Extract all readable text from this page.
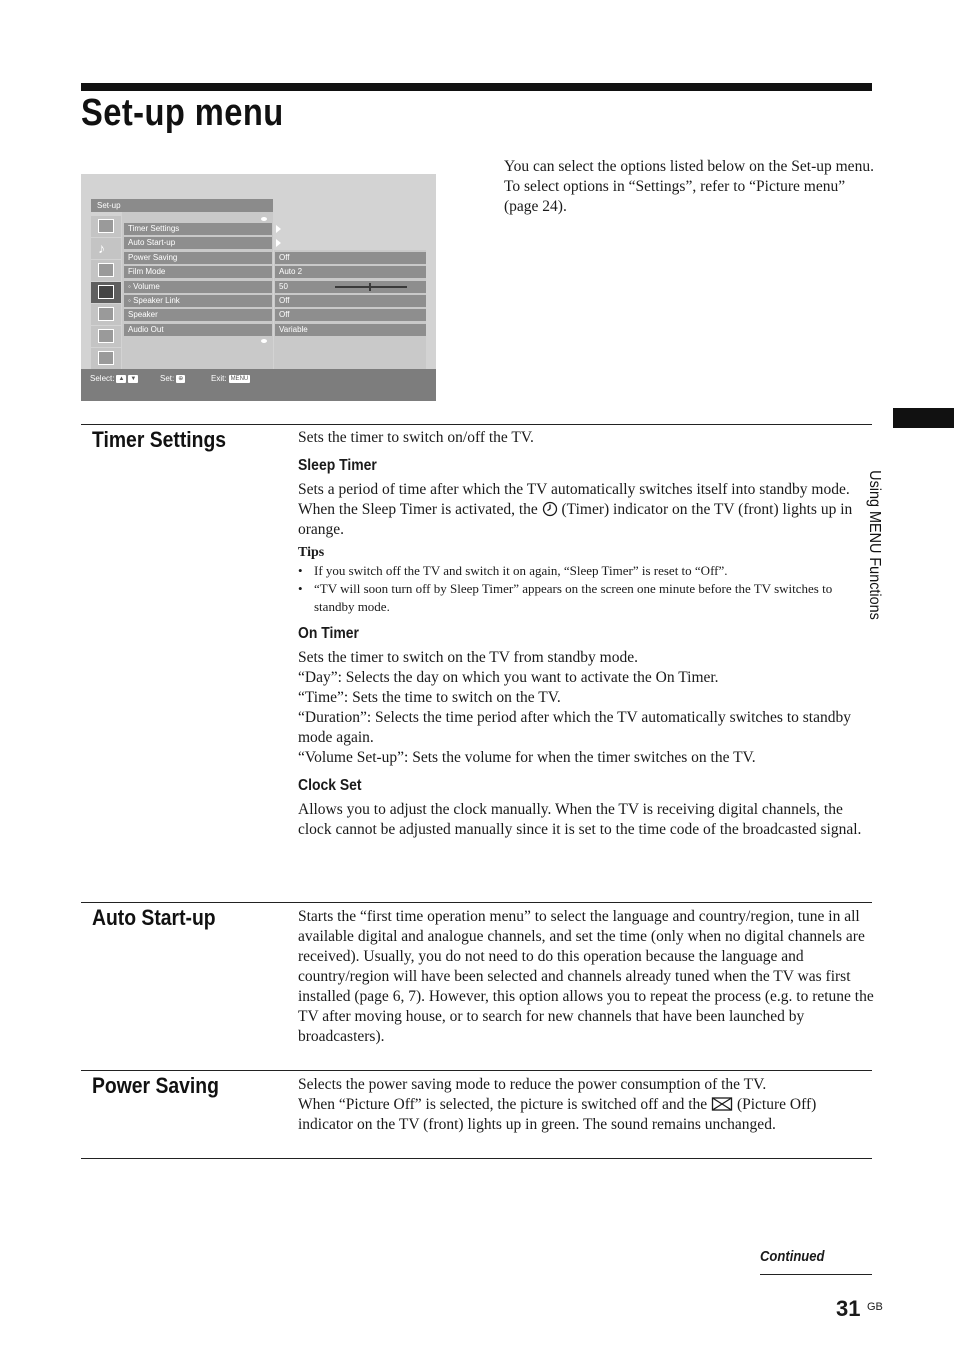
Set-up menu
Set-up
♪
Timer Settings
Auto Start-up
Power Saving	Off
Film Mode	Auto 2
◦ Volume	50
◦ Speaker Link	Off
Speaker	Off
Audio Out	Variable
Select: ▲ ▼	Set: ⊕	Exit: MENU

You can select the options listed below on the Set-up menu. To select options in “Settings”, refer to “Picture menu” (page 24).

Using MENU Functions
Timer Settings	Sets the timer to switch on/off the TV.

Sleep Timer

Sets a period of time after which the TV automatically switches itself into standby mode.

When the Sleep Timer is activated, the  (Timer) indicator on the TV (front) lights up in orange.

Tips

• If you switch off the TV and switch it on again, “Sleep Timer” is reset to “Off”.
• “TV will soon turn off by Sleep Timer” appears on the screen one minute before the TV switches to standby mode.
On Timer

Sets the timer to switch on the TV from standby mode.

“Day”: Selects the day on which you want to activate the On Timer.

“Time”: Sets the time to switch on the TV.

“Duration”: Selects the time period after which the TV automatically switches to standby mode again.

“Volume Set-up”: Sets the volume for when the timer switches on the TV.

Clock Set

Allows you to adjust the clock manually. When the TV is receiving digital channels, the clock cannot be adjusted manually since it is set to the time code of the broadcasted signal.

Auto Start-up	Starts the “first time operation menu” to select the language and country/region, tune in all available digital and analogue channels, and set the time (only when no digital channels are received). Usually, you do not need to do this operation because the language and country/region will have been selected and channels already tuned when the TV was first installed (page 6, 7). However, this option allows you to repeat the process (e.g. to retune the TV after moving house, or to search for new channels that have been launched by broadcasters).

Power Saving	Selects the power saving mode to reduce the power consumption of the TV.

When “Picture Off” is selected, the picture is switched off and the  (Picture Off) indicator on the TV (front) lights up in green. The sound remains unchanged.

Continued

31 GB
